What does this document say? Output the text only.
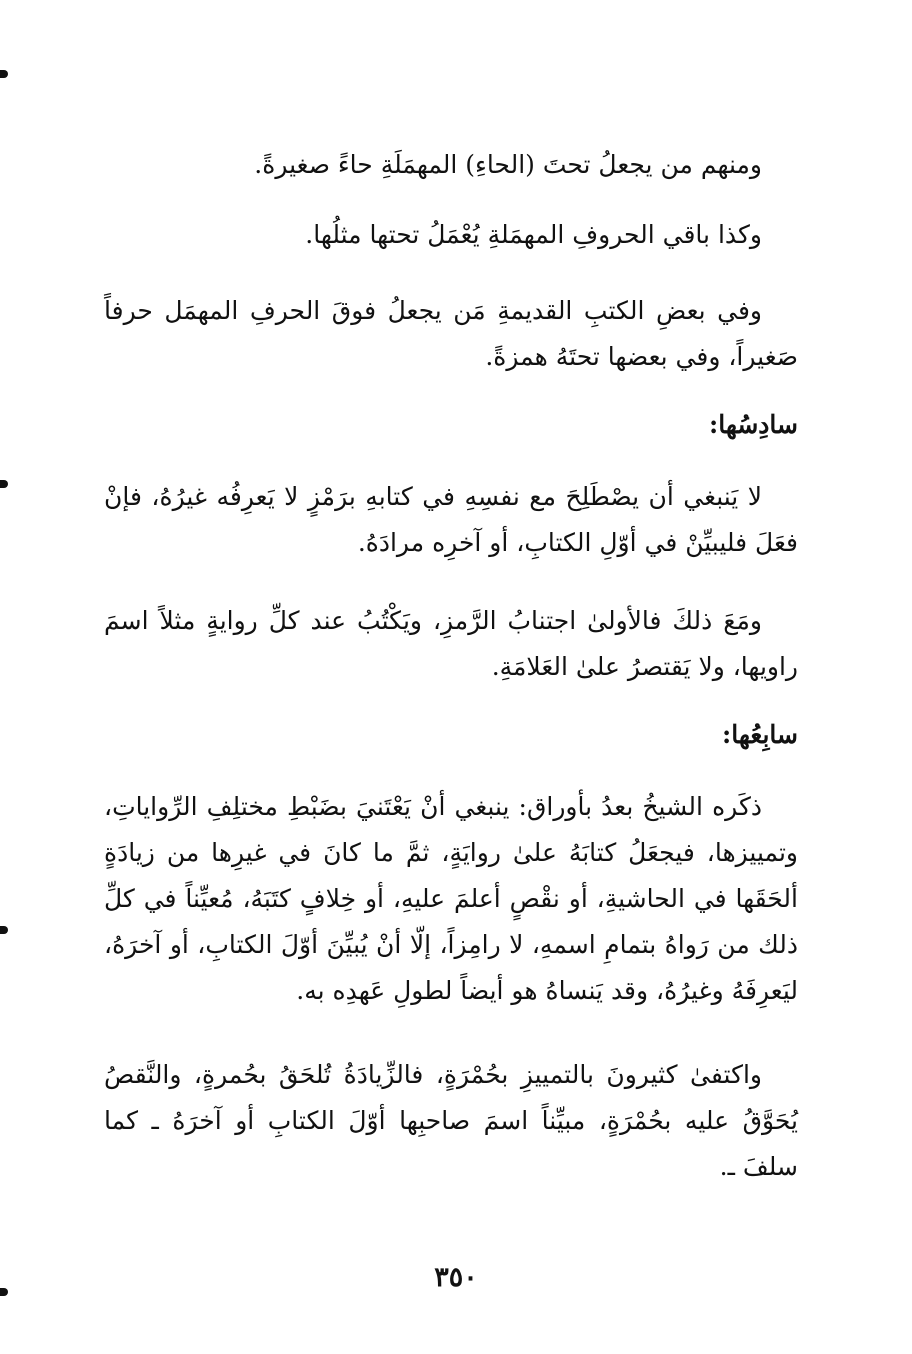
ومنهم من يجعلُ تحتَ (الحاءِ) المهمَلَةِ حاءً صغيرةً.

وكذا باقي الحروفِ المهمَلةِ يُعْمَلُ تحتها مثلُها.

وفي بعضِ الكتبِ القديمةِ مَن يجعلُ فوقَ الحرفِ المهمَل حرفاً صَغيراً، وفي بعضها تحتَهُ همزةً.

سادِسُها:

لا يَنبغي أن يصْطَلِحَ مع نفسِهِ في كتابهِ برَمْزٍ لا يَعرِفُه غيرُهُ، فإنْ فعَلَ فليبيِّنْ في أوّلِ الكتابِ، أو آخرِه مرادَهُ.

ومَعَ ذلكَ فالأولىٰ اجتنابُ الرَّمزِ، ويَكْتُبُ عند كلِّ روايةٍ مثلاً اسمَ راويها، ولا يَقتصرُ علىٰ العَلامَةِ.

سابِعُها:

ذكَره الشيخُ بعدُ بأوراق: ينبغي أنْ يَعْتَنيَ بضَبْطِ مختلِفِ الرِّواياتِ، وتمييزها، فيجعَلُ كتابَهُ علىٰ روايَةٍ، ثمَّ ما كانَ في غيرِها من زيادَةٍ ألحَقَها في الحاشيةِ، أو نقْصٍ أعلمَ عليهِ، أو خِلافٍ كتَبَهُ، مُعيِّناً في كلِّ ذلك من رَواهُ بتمامِ اسمهِ، لا رامِزاً، إلّا أنْ يُبيِّنَ أوّلَ الكتابِ، أو آخرَهُ، ليَعرِفَهُ وغيرُهُ، وقد يَنساهُ هو أيضاً لطولِ عَهدِه به.

واكتفىٰ كثيرونَ بالتمييزِ بحُمْرَةٍ، فالزِّيادَةُ تُلحَقُ بحُمرةٍ، والنَّقصُ يُحَوَّقُ عليه بحُمْرَةٍ، مبيِّناً اسمَ صاحبِها أوّلَ الكتابِ أو آخرَهُ ـ كما سلفَ ـ.

٣٥٠
